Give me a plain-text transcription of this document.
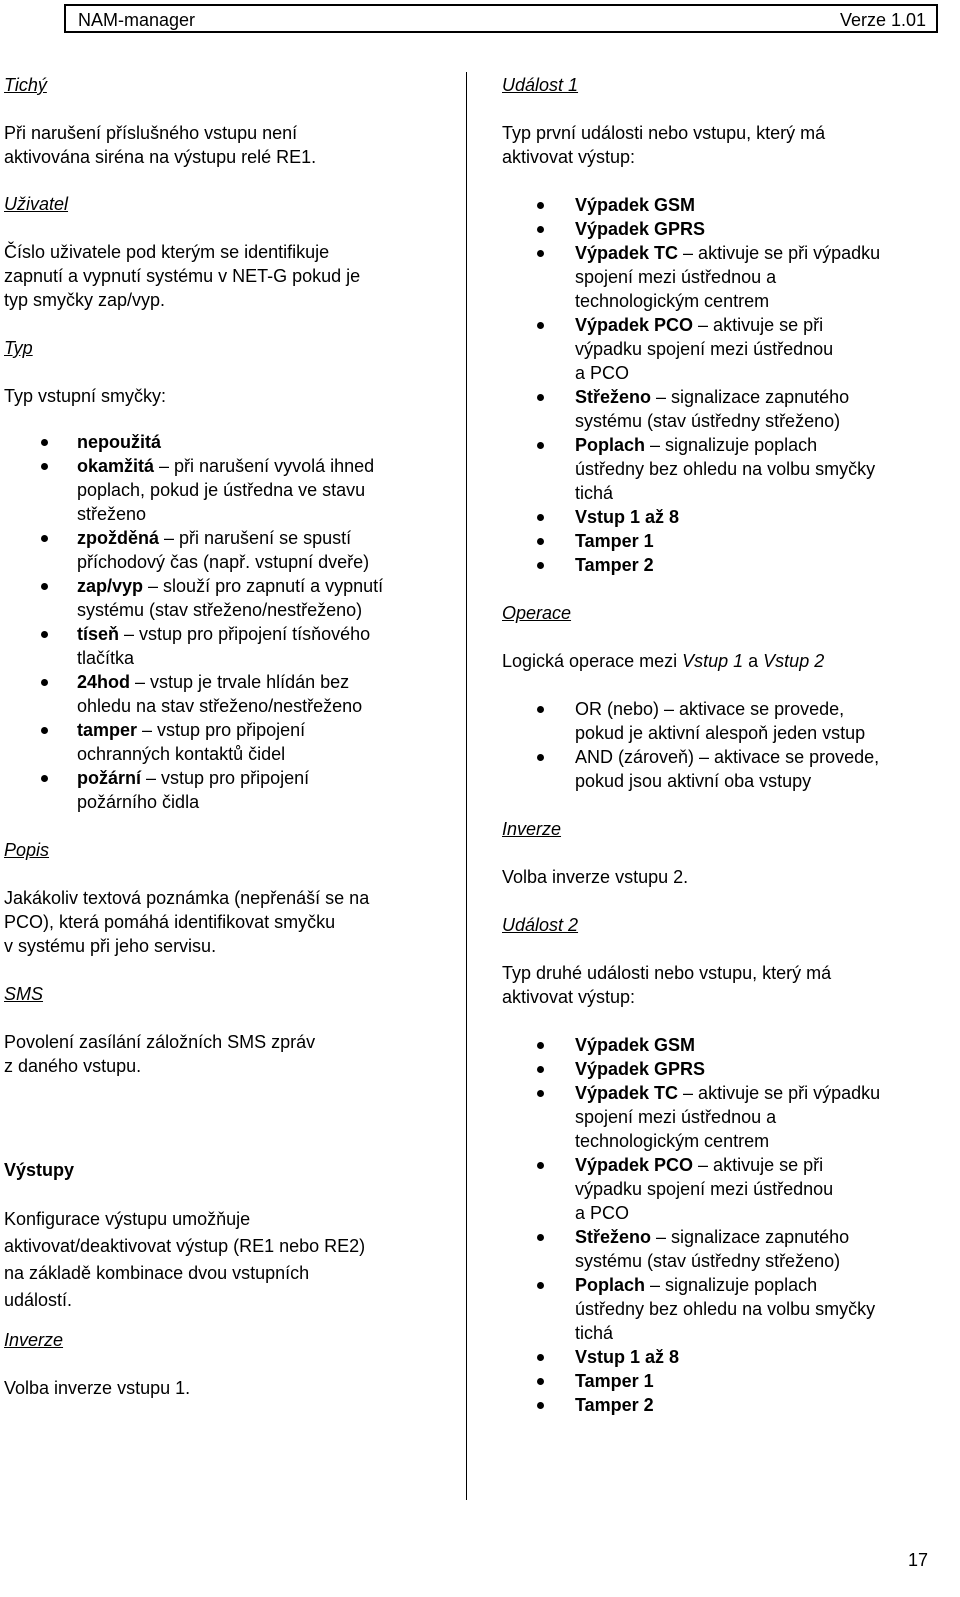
NAM-manager	Verze 1.01

Tichý

Při narušení příslušného vstupu není

aktivována siréna na výstupu relé RE1.

Uživatel

Číslo uživatele pod kterým se identifikuje

zapnutí a vypnutí systému v NET-G pokud je

typ smyčky zap/vyp.

Typ

Typ vstupní smyčky:

nepoužitá
okamžitá – při narušení vyvolá ihned
poplach, pokud je ústředna ve stavu
střeženo
zpožděná – při narušení se spustí
příchodový čas (např. vstupní dveře)
zap/vyp – slouží pro zapnutí a vypnutí
systému (stav střeženo/nestřeženo)
tíseň – vstup pro připojení tísňového
tlačítka
24hod – vstup je trvale hlídán bez
ohledu na stav střeženo/nestřeženo
tamper – vstup pro připojení
ochranných kontaktů čidel
požární – vstup pro připojení
požárního čidla

Popis

Jakákoliv textová poznámka (nepřenáší se na

PCO), která pomáhá identifikovat smyčku

v systému při jeho servisu.

SMS

Povolení zasílání záložních SMS zpráv

z daného vstupu.

Výstupy

Konfigurace výstupu umožňuje

aktivovat/deaktivovat výstup (RE1 nebo RE2)

na základě kombinace dvou vstupních

událostí.

Inverze

Volba inverze vstupu 1.

Událost 1

Typ první události nebo vstupu, který má

aktivovat výstup:

Výpadek GSM
Výpadek GPRS
Výpadek TC – aktivuje se při výpadku
spojení mezi ústřednou a
technologickým centrem
Výpadek PCO – aktivuje se při
výpadku spojení mezi ústřednou
a PCO
Střeženo – signalizace zapnutého
systému (stav ústředny střeženo)
Poplach – signalizuje poplach
ústředny bez ohledu na volbu smyčky
tichá
Vstup 1 až 8
Tamper 1
Tamper 2

Operace

Logická operace mezi Vstup 1 a Vstup 2

OR (nebo) – aktivace se provede,
pokud je aktivní alespoň jeden vstup
AND (zároveň) – aktivace se provede,
pokud jsou aktivní oba vstupy

Inverze

Volba inverze vstupu 2.

Událost 2

Typ druhé události nebo vstupu, který má

aktivovat výstup:

Výpadek GSM
Výpadek GPRS
Výpadek TC – aktivuje se při výpadku
spojení mezi ústřednou a
technologickým centrem
Výpadek PCO – aktivuje se při
výpadku spojení mezi ústřednou
a PCO
Střeženo – signalizace zapnutého
systému (stav ústředny střeženo)
Poplach – signalizuje poplach
ústředny bez ohledu na volbu smyčky
tichá
Vstup 1 až 8
Tamper 1
Tamper 2
17
